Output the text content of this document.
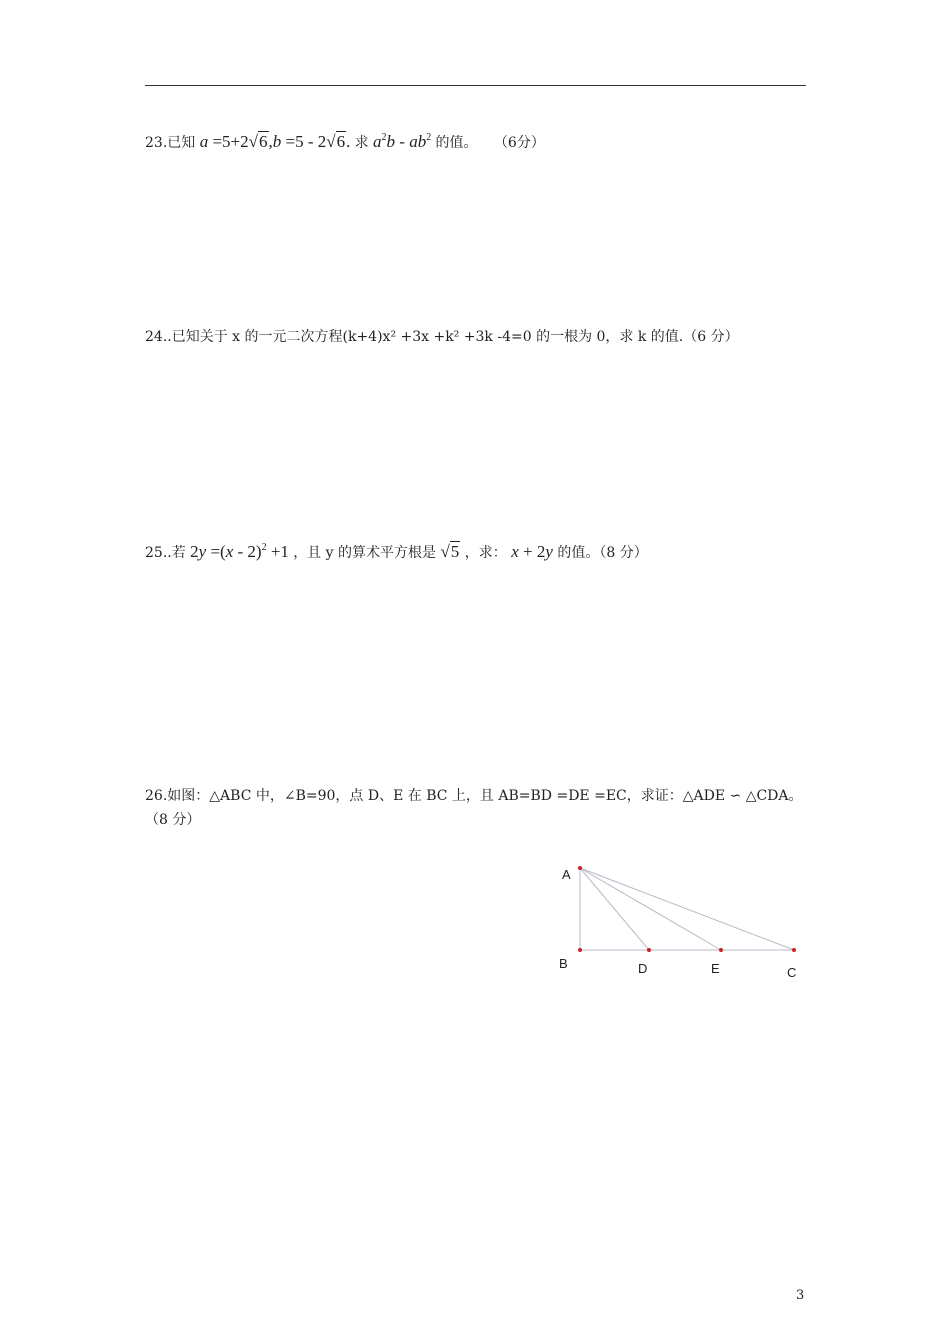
23.已知 a =5+2√6,b =5 - 2√6. 求 $a^2b - ab^2$ 的值。 （6分）
24..已知关于 x 的一元二次方程(k+4)x² +3x +k² +3k -4=0 的一根为 0，求 k 的值.（6 分）
25..若 2y =(x - 2)$^2$ +1 ，且 y 的算术平方根是 √5 ，求： x + 2y 的值。（8 分）
26.如图：△ABC 中，∠B=90，点 D、E 在 BC 上，且 AB=BD =DE =EC，求证：△ADE ∽ △CDA。（8 分）
A
B	D	E	C
3
